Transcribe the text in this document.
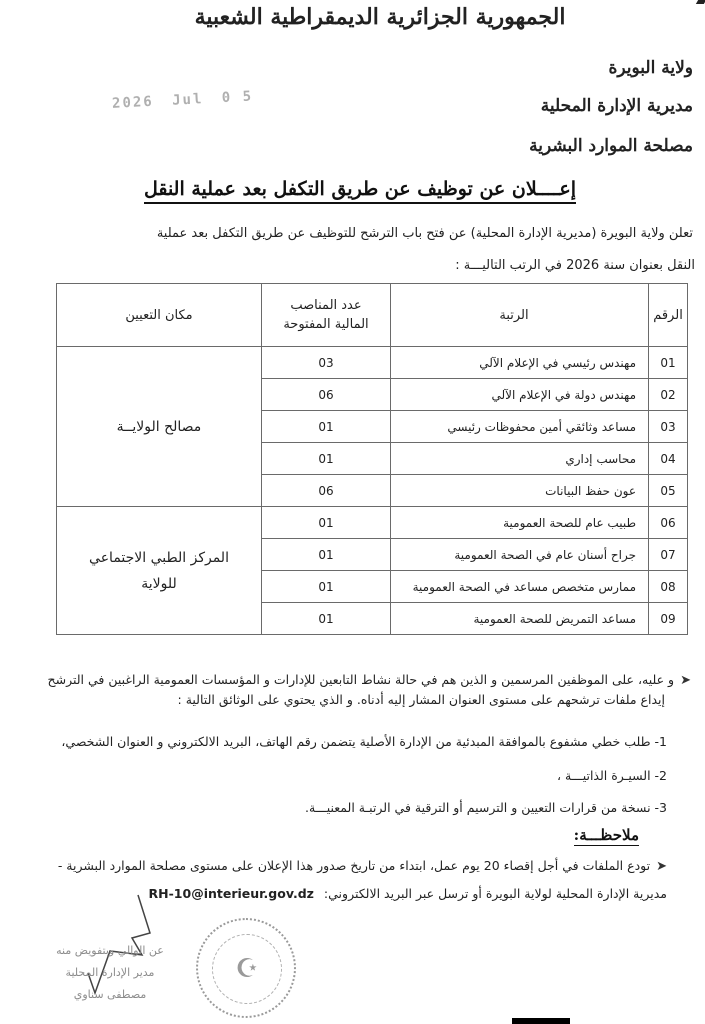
الجمهورية الجزائرية الديمقراطية الشعبية
ولاية البويرة
مديرية الإدارة المحلية
مصلحة الموارد البشرية
2026 Jul 0 5
إعــــلان عن توظيف عن طريق التكفل بعد عملية النقل
تعلن ولاية البويرة (مديرية الإدارة المحلية) عن فتح باب الترشح للتوظيف عن طريق التكفل بعد عملية
النقل بعنوان سنة 2026 في الرتب التاليـــة :
الرقم	الرتبة	عدد المناصب
المالية المفتوحة	مكان التعيين
01	مهندس رئيسي في الإعلام الآلي	03	مصالح الولايــة

02	مهندس دولة في الإعلام الآلي	06	
03	مساعد وثائقي أمين محفوظات رئيسي	01	
04	محاسب إداري	01	
05	عون حفظ البيانات	06	
06	طبيب عام للصحة العمومية	01	المركز الطبي الاجتماعي
للولاية

07	جراح أسنان عام في الصحة العمومية	01	
08	ممارس متخصص مساعد في الصحة العمومية	01	
09	مساعد التمريض للصحة العمومية	01	
➤و عليه، على الموظفين المرسمين و الذين هم في حالة نشاط التابعين للإدارات و المؤسسات العمومية الراغبين في الترشح
إيداع ملفات ترشحهم على مستوى العنوان المشار إليه أدناه. و الذي يحتوي على الوثائق التالية :
1- طلب خطي مشفوع بالموافقة المبدئية من الإدارة الأصلية يتضمن رقم الهاتف، البريد الالكتروني و العنوان الشخصي،
2- السيـرة الذاتيـــة ،
3- نسخة من قرارات التعيين و الترسيم أو الترقية في الرتبـة المعنيـــة.
ملاحظـــة:
➤تودع الملفات في أجل إقصاء 20 يوم عمل، ابتداء من تاريخ صدور هذا الإعلان على مستوى مصلحة الموارد البشرية -
مديرية الإدارة المحلية لولاية البويرة أو ترسل عبر البريد الالكتروني: RH-10@interieur.gov.dz
عن الوالي وبتفويض منه
مدير الإدارة المحلية
مصطفى سناوي
☪
